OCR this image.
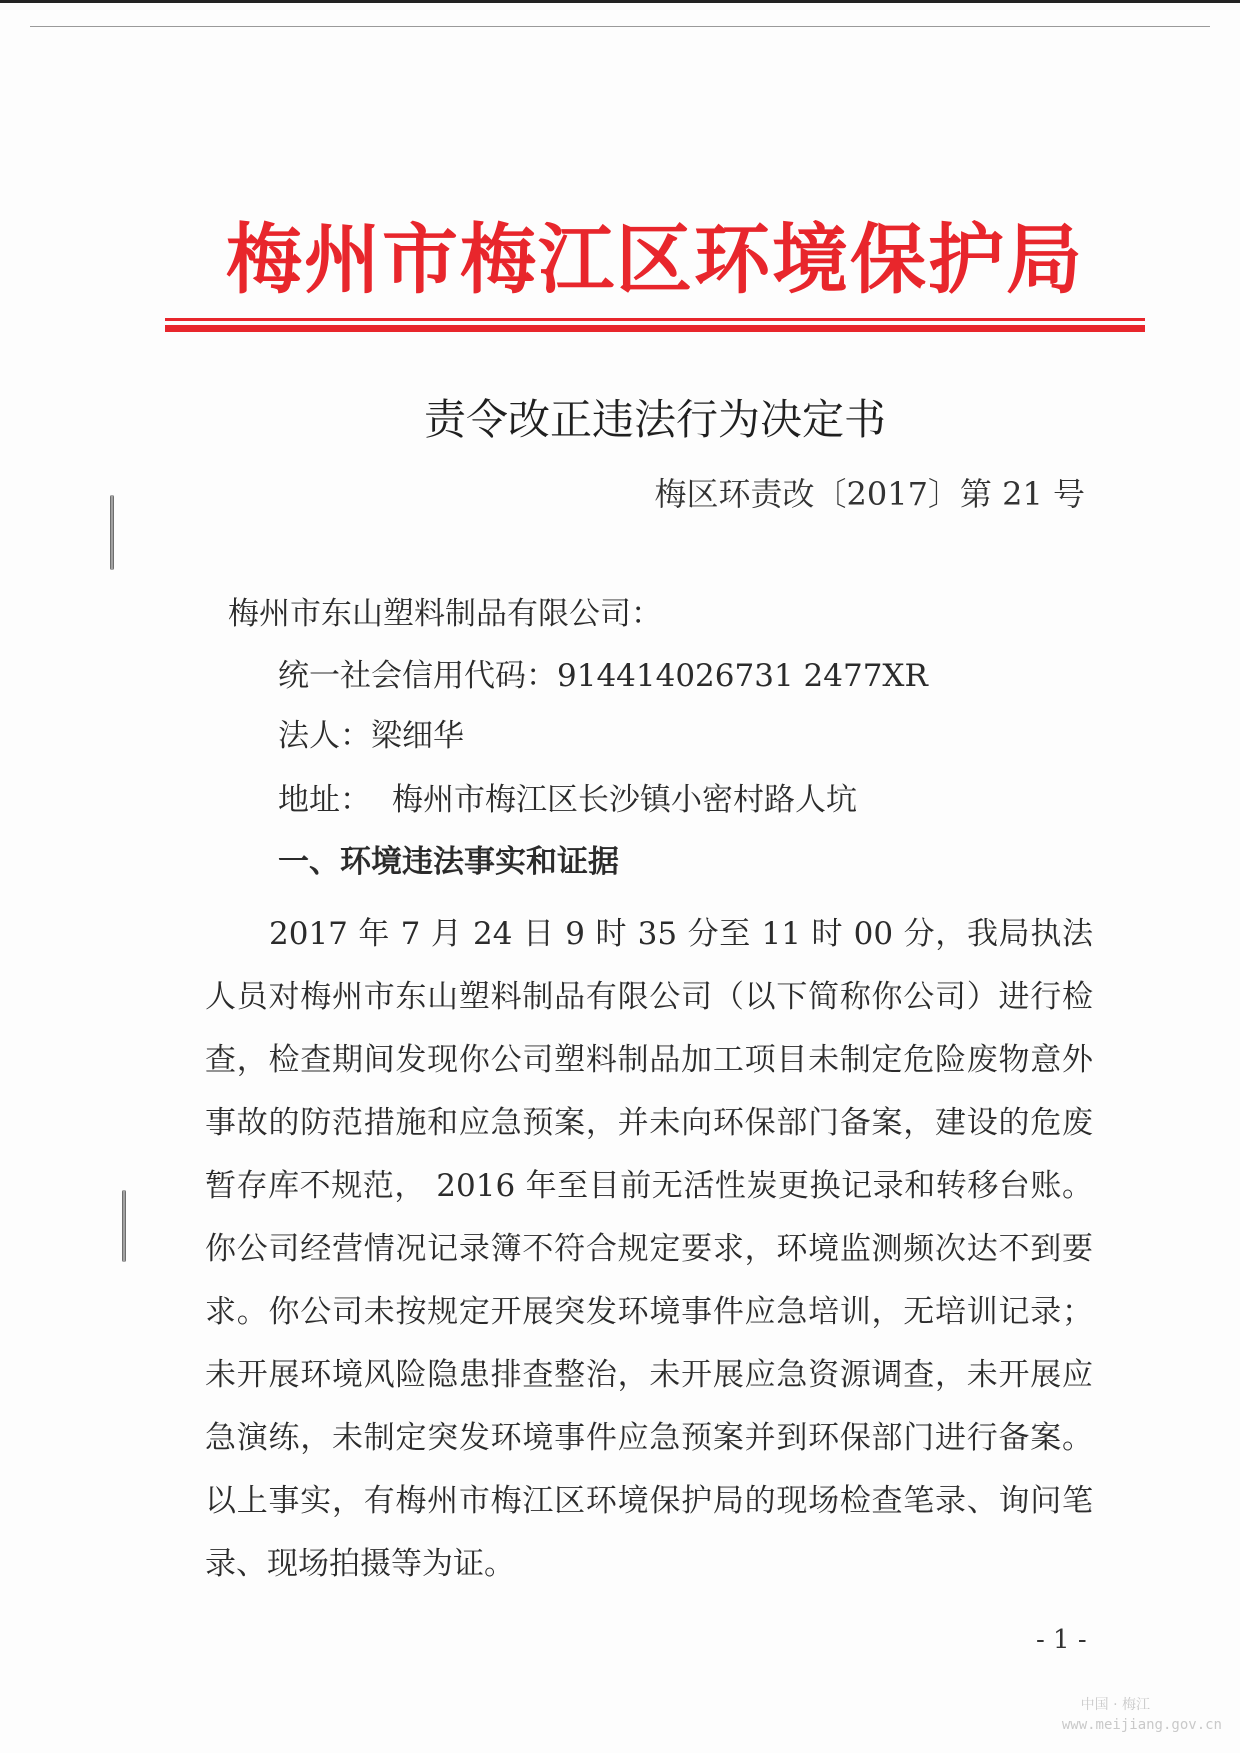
梅州市梅江区环境保护局
责令改正违法行为决定书
梅区环责改〔2017〕第 21 号
梅州市东山塑料制品有限公司：
统一社会信用代码：914414026731 2477XR
法人：梁细华
地址： 梅州市梅江区长沙镇小密村路人坑
一、环境违法事实和证据
2017 年 7 月 24 日 9 时 35 分至 11 时 00 分，我局执法人员对梅州市东山塑料制品有限公司（以下简称你公司）进行检查，检查期间发现你公司塑料制品加工项目未制定危险废物意外事故的防范措施和应急预案，并未向环保部门备案，建设的危废暂存库不规范， 2016 年至目前无活性炭更换记录和转移台账。你公司经营情况记录簿不符合规定要求，环境监测频次达不到要求。你公司未按规定开展突发环境事件应急培训，无培训记录；未开展环境风险隐患排查整治，未开展应急资源调查，未开展应急演练，未制定突发环境事件应急预案并到环保部门进行备案。以上事实，有梅州市梅江区环境保护局的现场检查笔录、询问笔录、现场拍摄等为证。
- 1 -
中国 · 梅江
www.meijiang.gov.cn
